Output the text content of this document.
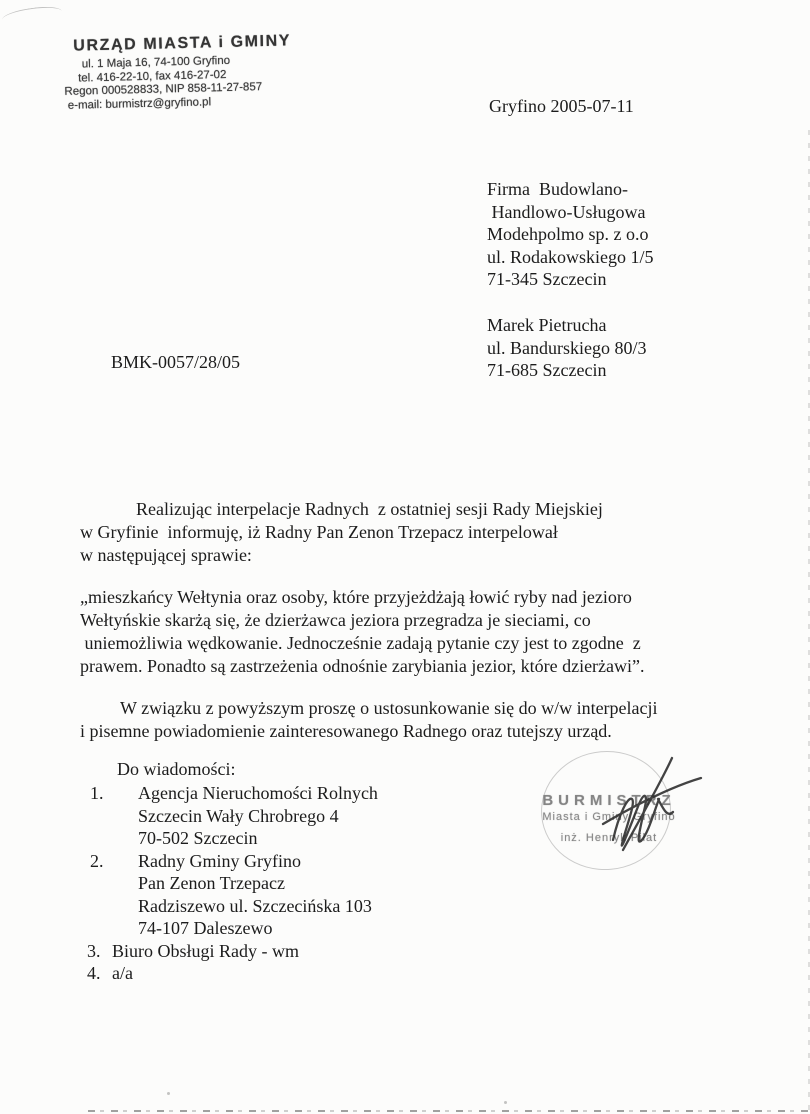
URZĄD MIASTA i GMINY
ul. 1 Maja 16, 74-100 Gryfino
tel. 416-22-10, fax 416-27-02
Regon 000528833, NIP 858-11-27-857
e-mail: burmistrz@gryfino.pl	Gryfino 2005-07-11
Firma  Budowlano-
Handlowo-Usługowa
Modehpolmo sp. z o.o
ul. Rodakowskiego 1/5
71-345 Szczecin
Marek Pietrucha
ul. Bandurskiego 80/3
71-685 Szczecin
BMK-0057/28/05
Realizując interpelacje Radnych  z ostatniej sesji Rady Miejskiej
w Gryfinie  informuję, iż Radny Pan Zenon Trzepacz interpelował
w następującej sprawie:
„mieszkańcy Wełtynia oraz osoby, które przyjeżdżają łowić ryby nad jezioro
Wełtyńskie skarżą się, że dzierżawca jeziora przegradza je sieciami, co
uniemożliwia wędkowanie. Jednocześnie zadają pytanie czy jest to zgodne  z
prawem. Ponadto są zastrzeżenia odnośnie zarybiania jezior, które dzierżawi”.
W związku z powyższym proszę o ustosunkowanie się do w/w interpelacji
i pisemne powiadomienie zainteresowanego Radnego oraz tutejszy urząd.
Do wiadomości:
1.	Agencja Nieruchomości Rolnych
Szczecin Wały Chrobrego 4
70-502 Szczecin
2.	Radny Gminy Gryfino
Pan Zenon Trzepacz
Radziszewo ul. Szczecińska 103
74-107 Daleszewo
3. Biuro Obsługi Rady - wm
4. a/a
BURMISTRZ
Miasta i Gminy Gryfino
inż. Henryk Piłat
